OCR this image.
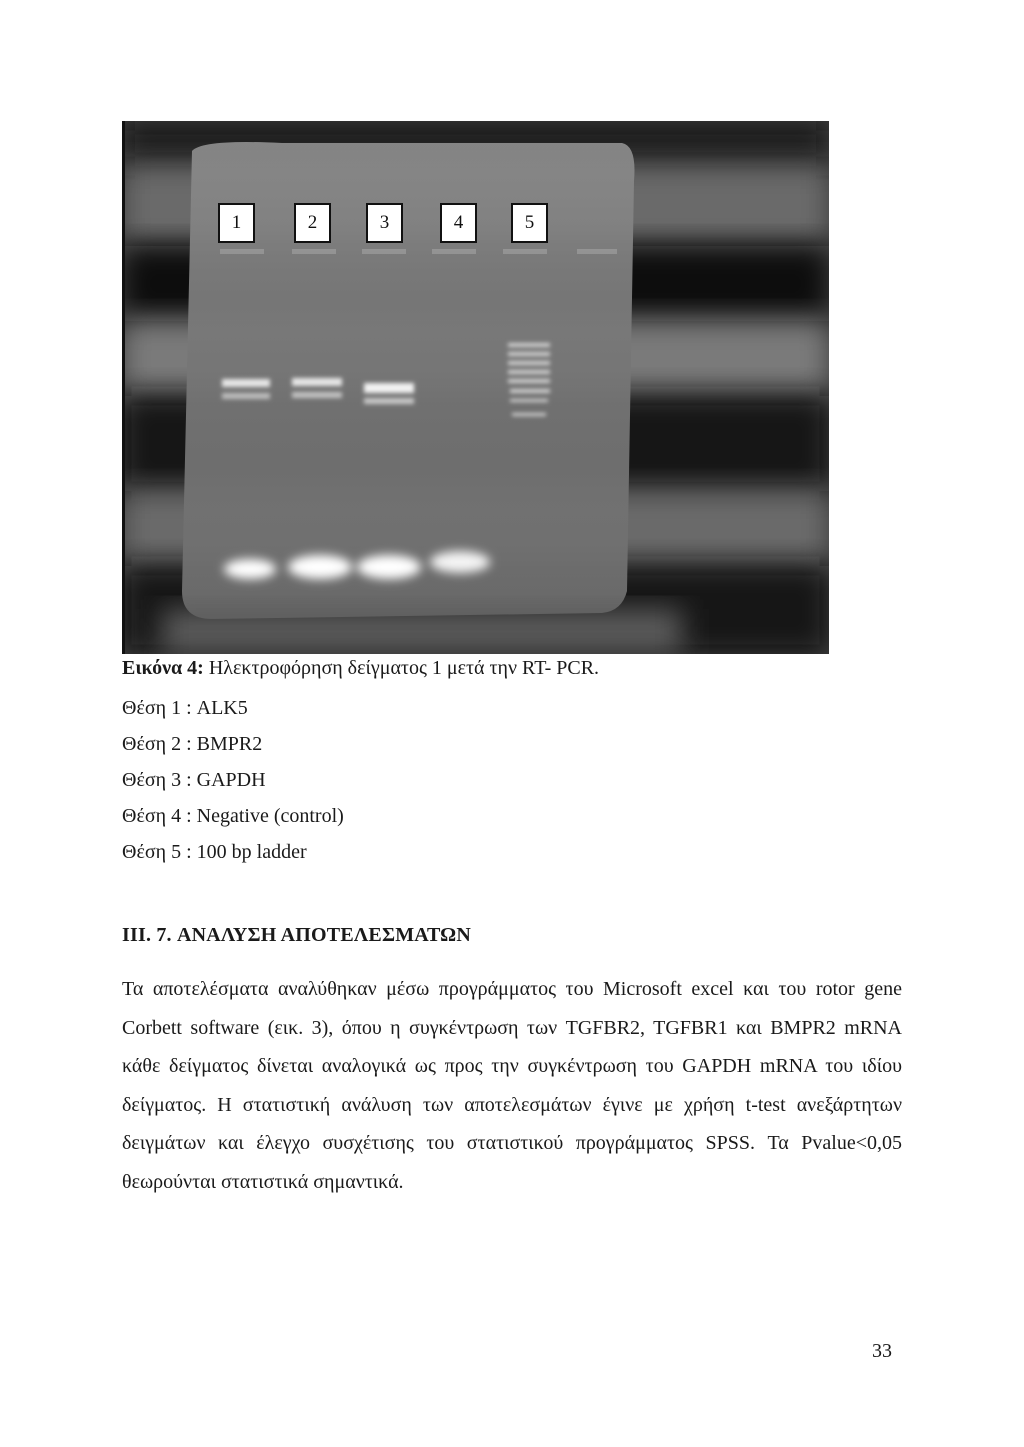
1	2	3	4	5

Εικόνα 4: Ηλεκτροφόρηση δείγματος 1 μετά την RT- PCR.

Θέση 1 : ALK5

Θέση 2 : BMPR2

Θέση 3 : GAPDH

Θέση 4 : Negative (control)

Θέση 5 : 100 bp ladder

III. 7. ΑΝΑΛΥΣΗ ΑΠΟΤΕΛΕΣΜΑΤΩΝ

Τα αποτελέσματα αναλύθηκαν μέσω προγράμματος του Microsoft excel και του rotor gene Corbett software (εικ. 3), όπου η συγκέντρωση των TGFBR2, TGFBR1 και BMPR2 mRNA κάθε δείγματος δίνεται αναλογικά ως προς την συγκέντρωση του GAPDH mRNA του ιδίου δείγματος. Η στατιστική ανάλυση των αποτελεσμάτων έγινε με χρήση t-test ανεξάρτητων δειγμάτων και έλεγχο συσχέτισης του στατιστικού προγράμματος SPSS. Τα Pvalue<0,05 θεωρούνται στατιστικά σημαντικά.

33
